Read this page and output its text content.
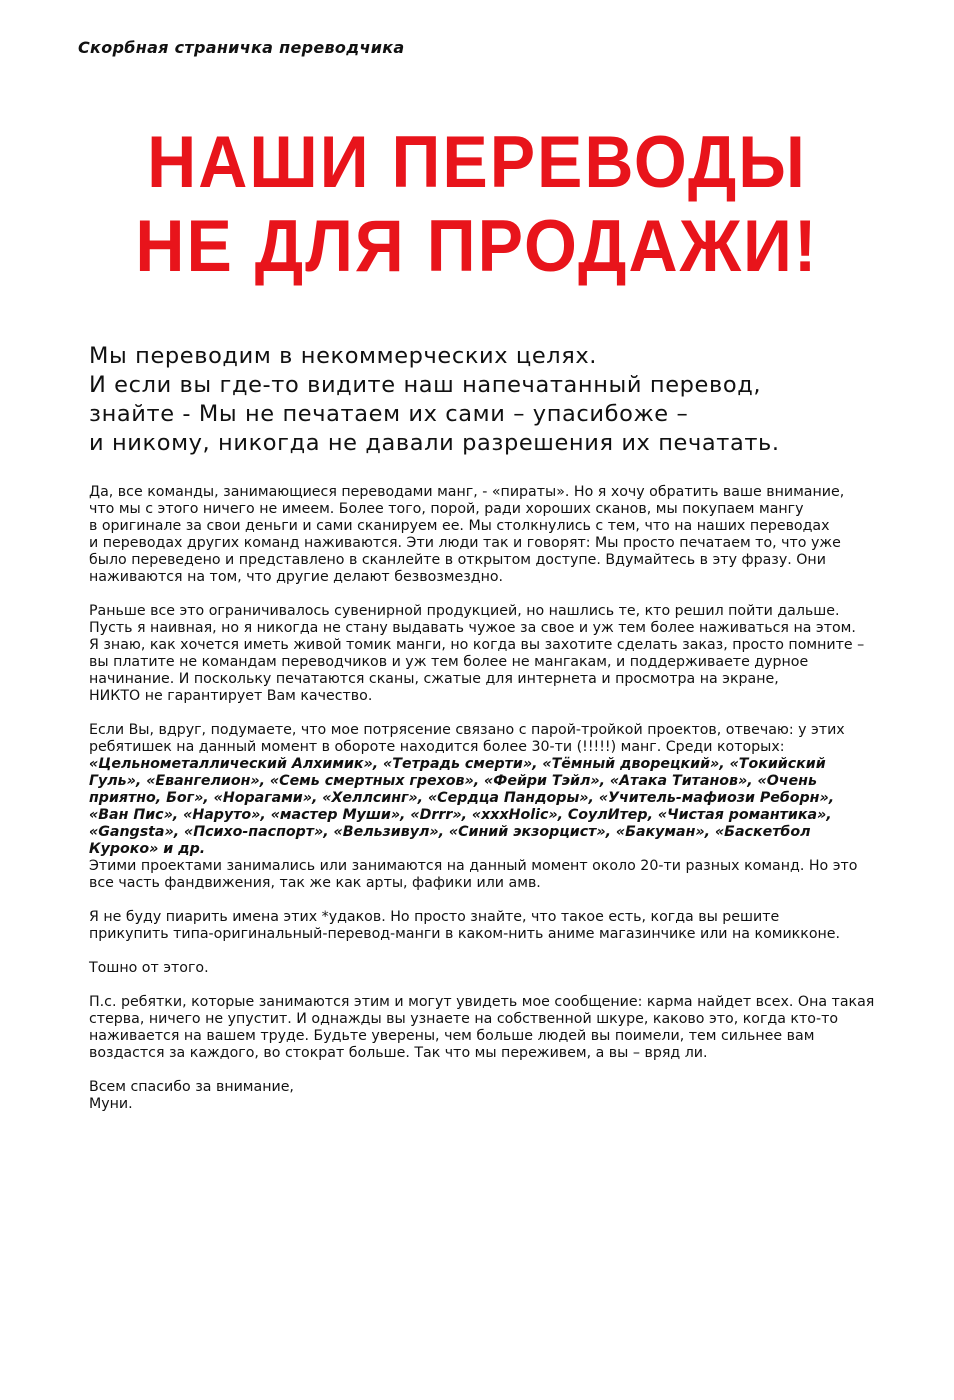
Скорбная страничка переводчика
НАШИ ПЕРЕВОДЫ
НЕ ДЛЯ ПРОДАЖИ!
Мы переводим в некоммерческих целях.
И если вы где-то видите наш напечатанный перевод,
знайте - Мы не печатаем их сами – упасибоже –
и никому, никогда не давали разрешения их печатать.
Да, все команды, занимающиеся переводами манг, - «пираты». Но я хочу обратить ваше внимание,
что мы с этого ничего не имеем. Более того, порой, ради хороших сканов, мы покупаем мангу
в оригинале за свои деньги и сами сканируем ее. Мы столкнулись с тем, что на наших переводах
и переводах других команд наживаются. Эти люди так и говорят: Мы просто печатаем то, что уже
было переведено и представлено в сканлейте в открытом доступе. Вдумайтесь в эту фразу. Они
наживаются на том, что другие делают безвозмездно.
Раньше все это ограничивалось сувенирной продукцией, но нашлись те, кто решил пойти дальше.
Пусть я наивная, но я никогда не стану выдавать чужое за свое и уж тем более наживаться на этом.
Я знаю, как хочется иметь живой томик манги, но когда вы захотите сделать заказ, просто помните –
вы платите не командам переводчиков и уж тем более не мангакам, и поддерживаете дурное
начинание. И поскольку печатаются сканы, сжатые для интернета и просмотра на экране,
НИКТО не гарантирует Вам качество.
Если Вы, вдруг, подумаете, что мое потрясение связано с парой-тройкой проектов, отвечаю: у этих
ребятишек на данный момент в обороте находится более 30-ти (!!!!!) манг. Среди которых:
«Цельнометаллический Алхимик», «Тетрадь смерти», «Тёмный дворецкий», «Токийский
Гуль», «Евангелион», «Семь смертных грехов», «Фейри Тэйл», «Атака Титанов», «Очень
приятно, Бог», «Норагами», «Хеллсинг», «Сердца Пандоры», «Учитель-мафиози Реборн»,
«Ван Пис», «Наруто», «мастер Муши», «Drrr», «xxxHolic», СоулИтер, «Чистая романтика»,
«Gangsta», «Психо-паспорт», «Вельзивул», «Синий экзорцист», «Бакуман», «Баскетбол
Куроко» и др.
Этими проектами занимались или занимаются на данный момент около 20-ти разных команд. Но это
все часть фандвижения, так же как арты, фафики или амв.
Я не буду пиарить имена этих *удаков. Но просто знайте, что такое есть, когда вы решите
прикупить типа-оригинальный-перевод-манги в каком-нить аниме магазинчике или на комикконе.
Тошно от этого.
П.с. ребятки, которые занимаются этим и могут увидеть мое сообщение: карма найдет всех. Она такая
стерва, ничего не упустит. И однажды вы узнаете на собственной шкуре, каково это, когда кто-то
наживается на вашем труде. Будьте уверены, чем больше людей вы поимели, тем сильнее вам
воздастся за каждого, во стократ больше. Так что мы переживем, а вы – вряд ли.
Всем спасибо за внимание,
Муни.
